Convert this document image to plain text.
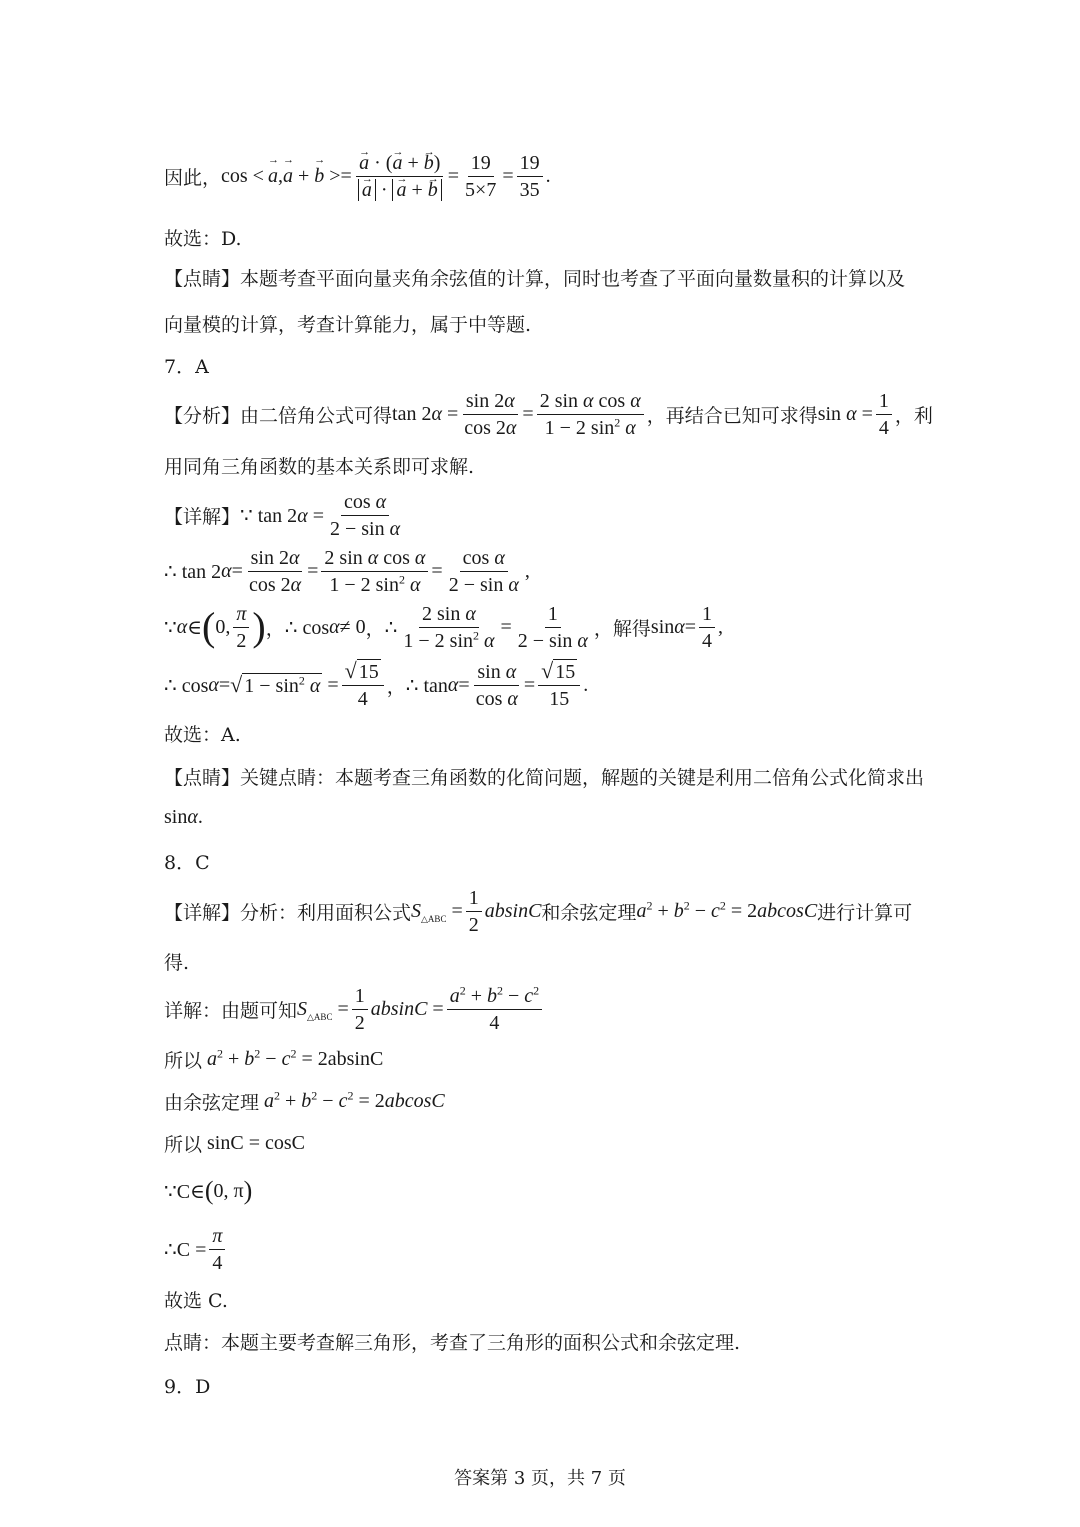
因此， cos < → a , → a + → b >= → a · (→ a + → b)
→ a · → a + → $b = \frac{19}{5\times 7} = \frac{19}{35}$ .
故选：D.
【点睛】本题考查平面向量夹角余弦值的计算，同时也考查了平面向量数量积的计算以及向量模的计算，考查计算能力，属于中等题.
7．A
【分析】由二倍角公式可得 $\tan 2\alpha = \frac{\sin 2\alpha}{\cos 2\alpha} = \frac{\text{2 sin α cos α}}{1 - 2 \sin^2 \alpha}$ ，再结合已知可求得 $\sin \alpha = \frac{1}{4}$ ，利
用同角三角函数的基本关系即可求解.
【详解】 ∵ $\tan 2\alpha = \frac{\text{cos α}}{\text{2 − sin α}}$
∴ tan 2 $\alpha = \frac{\sin 2\alpha}{\cos 2\alpha} = \frac{\text{2 sin α cos α}}{1 - 2 \sin^2 \alpha} = \frac{\text{cos α}}{\text{2 − sin α}}$ ,
∵ α ∈ ( 0, $\frac{\pi}{2}$ ) ， ∴ cos α ≠ 0 ， ∴ $\frac{\text{2 sin α}}{1 - 2 \sin^2 \alpha} = \frac{1}{\text{2 − sin α}}$ ，解得 $\sin \alpha = \frac{1}{4}$ ,
∴ cos α = √ $1 - \sin^2 \alpha = \frac{√ 15}{4}$ ， ∴ $\tan \alpha = \frac{\text{sin α}}{\text{cos α}} = \frac{√ 15}{15}$ .
故选：A.
【点睛】关键点睛：本题考查三角函数的化简问题，解题的关键是利用二倍角公式化简求出
sin α .
8．C
【详解】分析：利用面积公式 $S_{\triangle ABC} = \frac{1}{2}$ absinC 和余弦定理 $a^2 + b^2 - c^2 = 2abcosC$ 进行计算可
得.
详解：由题可知 $S_{\triangle ABC} = \frac{1}{2}$ $absinC = \frac{a^2 + b^2 - c^2}{4}$
所以 $a^2 + b^2 - c^2 = 2absinC$
由余弦定理 $a^2 + b^2 - c^2 = 2abcosC$
所以 sinC = cosC
∵C∈ ( 0, π )
∴C = $\frac{\pi}{4}$
故选 C.
点睛：本题主要考查解三角形，考查了三角形的面积公式和余弦定理.
9．D
答案第 3 页，共 7 页
